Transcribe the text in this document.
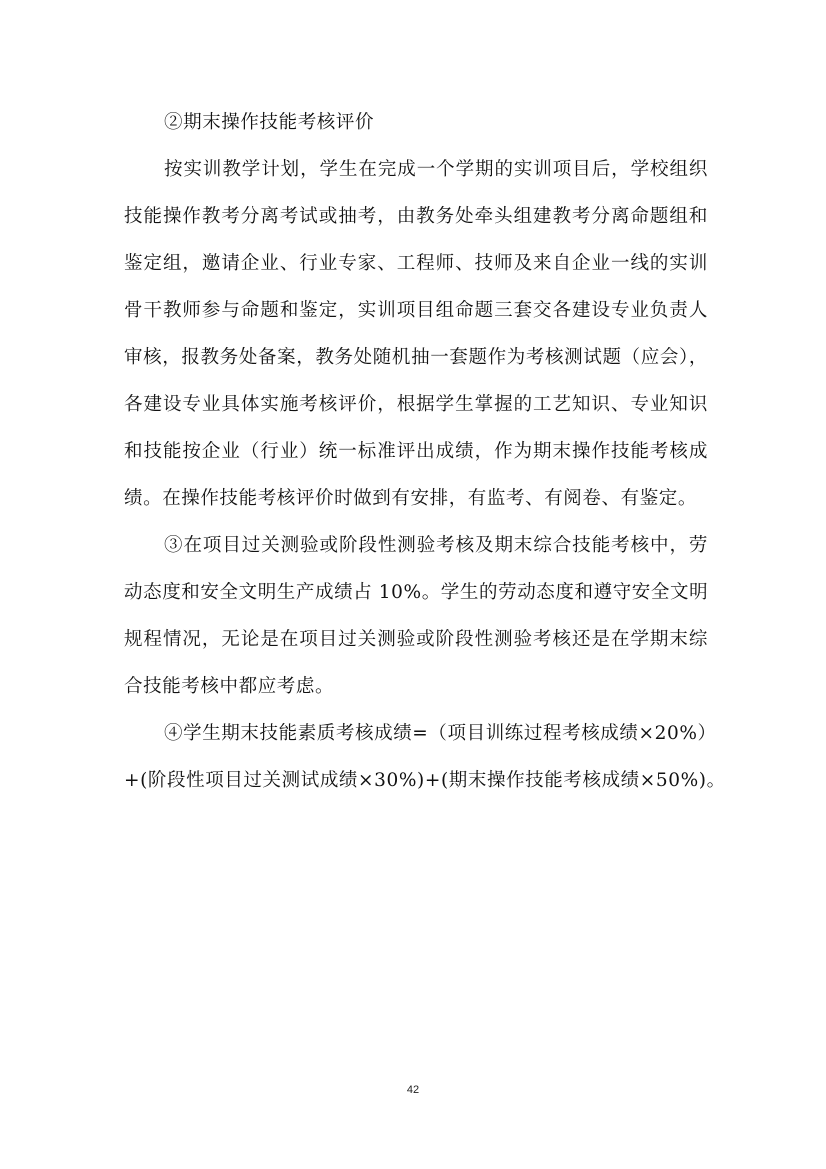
②期末操作技能考核评价
按实训教学计划，学生在完成一个学期的实训项目后，学校组织
技能操作教考分离考试或抽考，由教务处牵头组建教考分离命题组和
鉴定组，邀请企业、行业专家、工程师、技师及来自企业一线的实训
骨干教师参与命题和鉴定，实训项目组命题三套交各建设专业负责人
审核，报教务处备案，教务处随机抽一套题作为考核测试题（应会），
各建设专业具体实施考核评价，根据学生掌握的工艺知识、专业知识
和技能按企业（行业）统一标准评出成绩，作为期末操作技能考核成
绩。在操作技能考核评价时做到有安排，有监考、有阅卷、有鉴定。
③在项目过关测验或阶段性测验考核及期末综合技能考核中，劳
动态度和安全文明生产成绩占 10%。学生的劳动态度和遵守安全文明
规程情况，无论是在项目过关测验或阶段性测验考核还是在学期末综
合技能考核中都应考虑。
④学生期末技能素质考核成绩=（项目训练过程考核成绩×20%）
+(阶段性项目过关测试成绩×30%)+(期末操作技能考核成绩×50%)。
42
